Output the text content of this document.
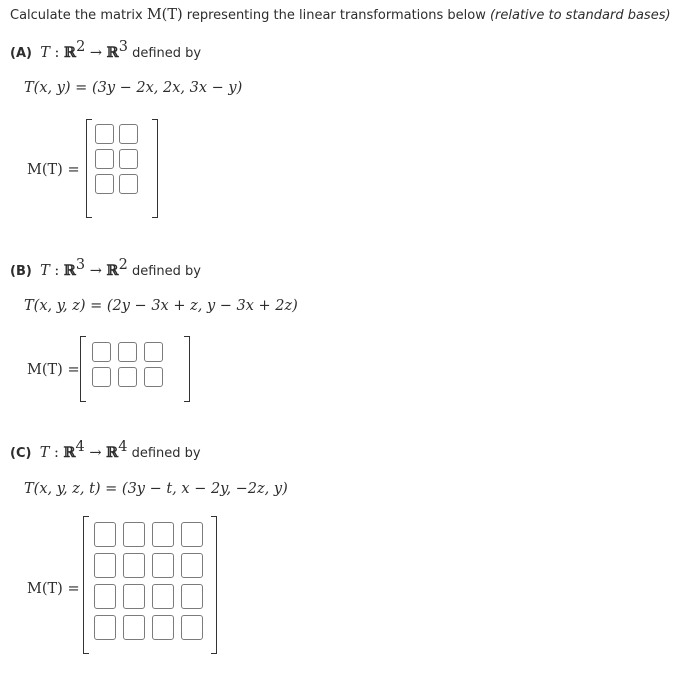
Calculate the matrix M(T) representing the linear transformations below (relative to standard bases)
(A) T : ℝ$^2$ → ℝ$^3$ defined by
T(x, y) = (3y − 2x, 2x, 3x − y)
M(T) =
(B) T : ℝ$^3$ → ℝ$^2$ defined by
T(x, y, z) = (2y − 3x + z, y − 3x + 2z)
M(T) =
(C) T : ℝ$^4$ → ℝ$^4$ defined by
T(x, y, z, t) = (3y − t, x − 2y, −2z, y)
M(T) =
